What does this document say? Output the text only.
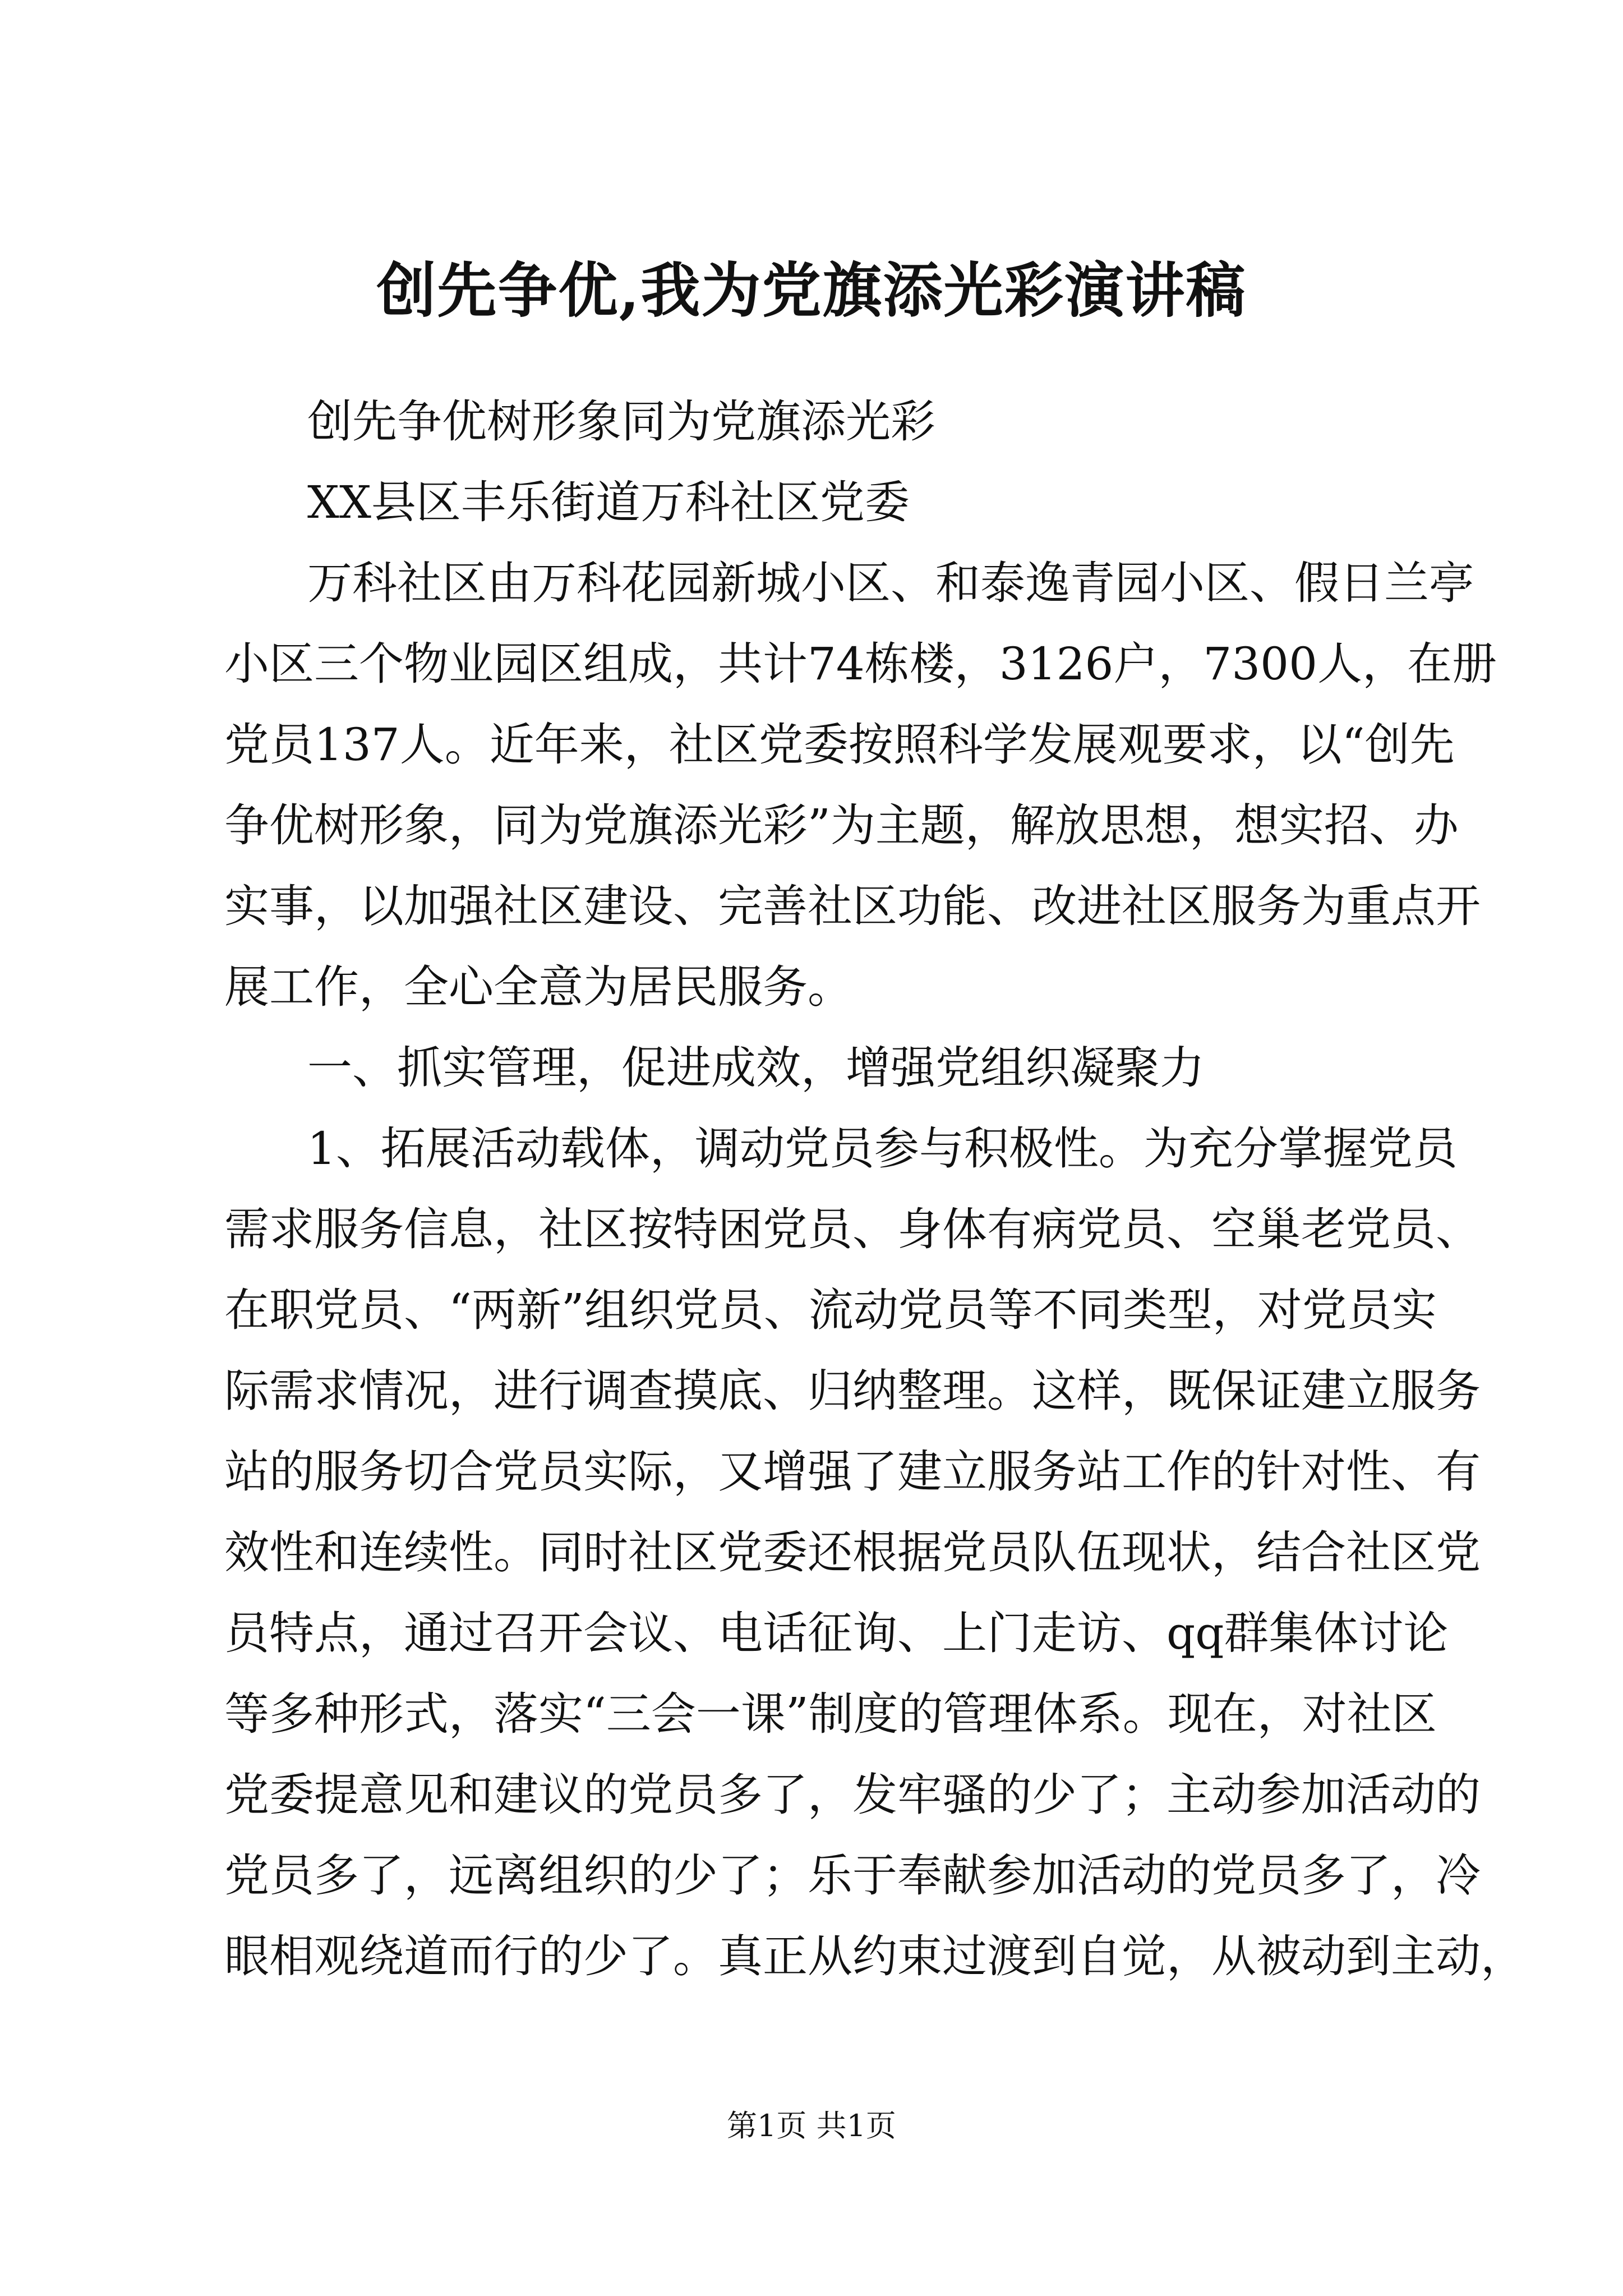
创先争优,我为党旗添光彩演讲稿
创先争优树形象同为党旗添光彩
XX县区丰乐街道万科社区党委
万科社区由万科花园新城小区、和泰逸青园小区、假日兰亭
小区三个物业园区组成，共计74栋楼，3126户，7300人，在册
党员137人。近年来，社区党委按照科学发展观要求，以“创先
争优树形象，同为党旗添光彩”为主题，解放思想，想实招、办
实事，以加强社区建设、完善社区功能、改进社区服务为重点开
展工作，全心全意为居民服务。
一、抓实管理，促进成效，增强党组织凝聚力
1、拓展活动载体，调动党员参与积极性。为充分掌握党员
需求服务信息，社区按特困党员、身体有病党员、空巢老党员、
在职党员、“两新”组织党员、流动党员等不同类型，对党员实
际需求情况，进行调查摸底、归纳整理。这样，既保证建立服务
站的服务切合党员实际，又增强了建立服务站工作的针对性、有
效性和连续性。同时社区党委还根据党员队伍现状，结合社区党
员特点，通过召开会议、电话征询、上门走访、qq群集体讨论
等多种形式，落实“三会一课”制度的管理体系。现在，对社区
党委提意见和建议的党员多了，发牢骚的少了；主动参加活动的
党员多了，远离组织的少了；乐于奉献参加活动的党员多了，冷
眼相观绕道而行的少了。真正从约束过渡到自觉，从被动到主动，
第1页 共1页
